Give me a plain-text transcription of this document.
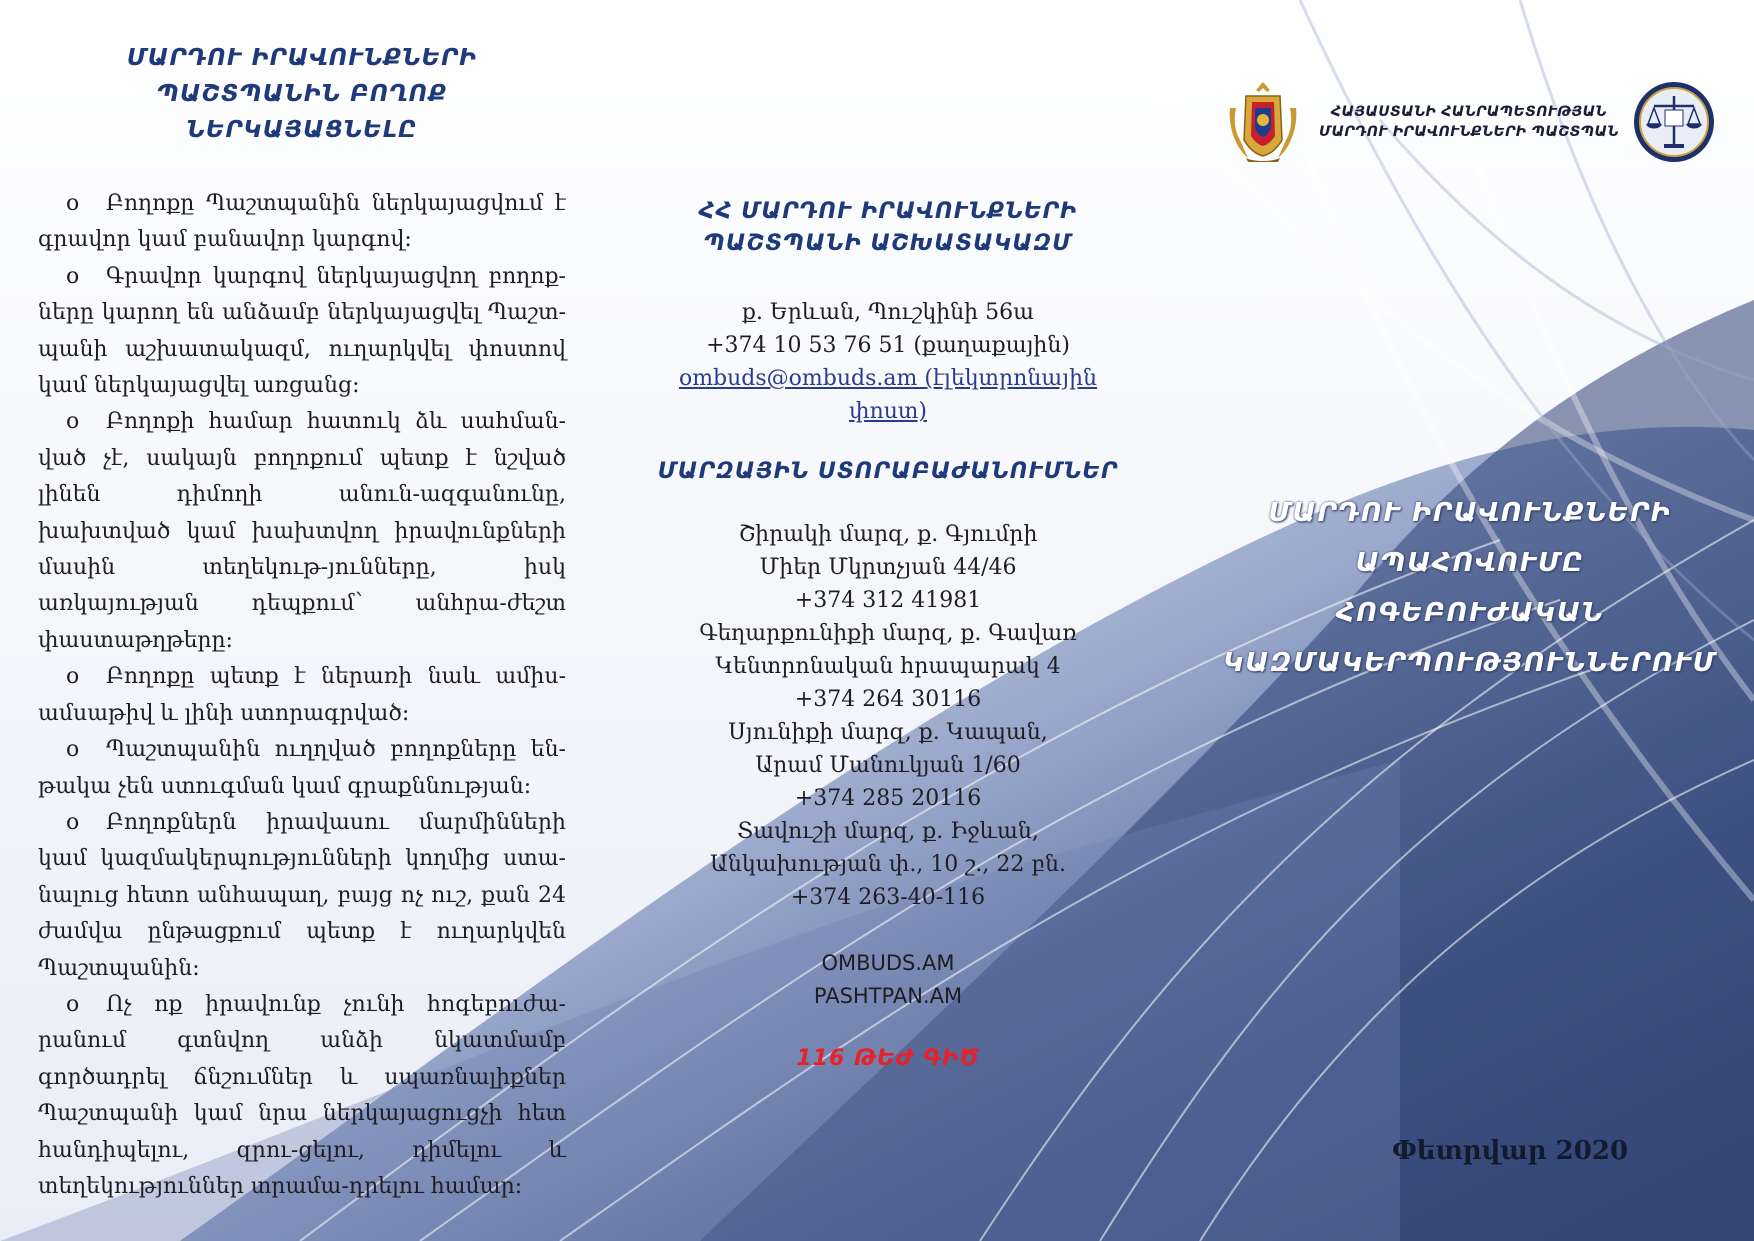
ՄԱՐԴՈՒ ԻՐԱՎՈՒՆՔՆԵՐԻ
ՊԱՇՏՊԱՆԻՆ ԲՈՂՈՔ
ՆԵՐԿԱՅԱՑՆԵԼԸ

o Բողոքը Պաշտպանին ներկայացվում է գրավոր կամ բանավոր կարգով:

o Գրավոր կարգով ներկայացվող բողոք-ները կարող են անձամբ ներկայացվել Պաշտ-պանի աշխատակազմ, ուղարկվել փոստով կամ ներկայացվել առցանց:

o Բողոքի համար հատուկ ձև սահման-ված չէ, սակայն բողոքում պետք է նշված լինեն դիմողի անուն-ազգանունը, խախտված կամ խախտվող իրավունքների մասին տեղեկութ-յունները, իսկ առկայության դեպքում՝ անհրա-ժեշտ փաստաթղթերը:

o Բողոքը պետք է ներառի նաև ամիս-ամսաթիվ և լինի ստորագրված:

o Պաշտպանին ուղղված բողոքները են-թակա չեն ստուգման կամ գրաքննության:

o Բողոքներն իրավասու մարմինների կամ կազմակերպությունների կողմից ստա-նալուց հետո անհապաղ, բայց ոչ ուշ, քան 24 ժամվա ընթացքում պետք է ուղարկվեն Պաշտպանին:

o Ոչ ոք իրավունք չունի հոգեբուժա-րանում գտնվող անձի նկատմամբ գործադրել ճնշումներ և սպառնալիքներ Պաշտպանի կամ նրա ներկայացուցչի հետ հանդիպելու, զրու-ցելու, դիմելու և տեղեկություններ տրամա-դրելու համար:

ՀՀ ՄԱՐԴՈՒ ԻՐԱՎՈՒՆՔՆԵՐԻ
ՊԱՇՏՊԱՆԻ ԱՇԽԱՏԱԿԱԶՄ

ք. Երևան, Պուշկինի 56ա

+374 10 53 76 51 (քաղաքային)

ombuds@ombuds.am (էլեկտրոնային
փոստ)

ՄԱՐԶԱՅԻՆ ՍՏՈՐԱԲԱԺԱՆՈՒՄՆԵՐ

Շիրակի մարզ, ք. Գյումրի

Միեր Մկրտչյան 44/46

+374 312 41981

Գեղարքունիքի մարզ, ք. Գավառ

Կենտրոնական հրապարակ 4

+374 264 30116

Սյունիքի մարզ, ք. Կապան,

Արամ Մանուկյան 1/60

+374 285 20116

Տավուշի մարզ, ք. Իջևան,

Անկախության փ., 10 շ., 22 բն.

+374 263-40-116

OMBUDS.AM

PASHTPAN.AM

116 ԹԵԺ ԳԻԾ

ՀԱՅԱՍՏԱՆԻ ՀԱՆՐԱՊԵՏՈՒԹՅԱՆ
ՄԱՐԴՈՒ ԻՐԱՎՈՒՆՔՆԵՐԻ ՊԱՇՏՊԱՆ
ՄԱՐԴՈՒ ԻՐԱՎՈՒՆՔՆԵՐԻ
ԱՊԱՀՈՎՈՒՄԸ ՀՈԳԵԲՈՒԺԱԿԱՆ
ԿԱԶՄԱԿԵՐՊՈՒԹՅՈՒՆՆԵՐՈՒՄ
Փետրվար 2020
